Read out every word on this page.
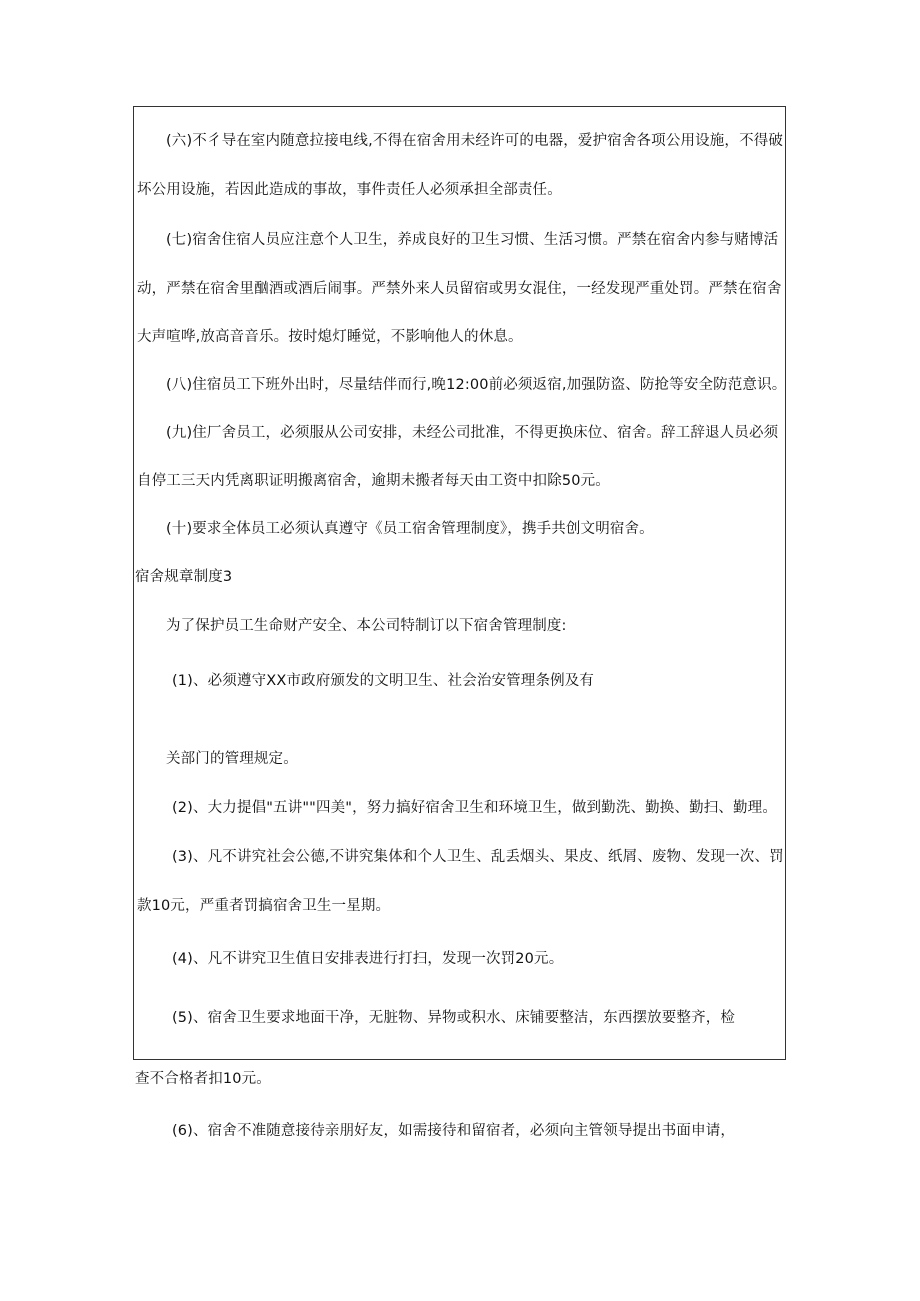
(六)不彳导在室内随意拉接电线,不得在宿舍用未经许可的电器，爱护宿舍各项公用设施，不得破
坏公用设施，若因此造成的事故，事件责任人必须承担全部责任。
(七)宿舍住宿人员应注意个人卫生，养成良好的卫生习惯、生活习惯。严禁在宿舍内参与赌博活
动，严禁在宿舍里酗酒或酒后闹事。严禁外来人员留宿或男女混住，一经发现严重处罚。严禁在宿舍
大声喧哗,放高音音乐。按时熄灯睡觉，不影响他人的休息。
(八)住宿员工下班外出时，尽量结伴而行,晚12:00前必须返宿,加强防盗、防抢等安全防范意识。
(九)住厂舍员工，必须服从公司安排，未经公司批准，不得更换床位、宿舍。辞工辞退人员必须
自停工三天内凭离职证明搬离宿舍，逾期未搬者每天由工资中扣除50元。
(十)要求全体员工必须认真遵守《员工宿舍管理制度》，携手共创文明宿舍。
宿舍规章制度3
为了保护员工生命财产安全、本公司特制订以下宿舍管理制度:
(1)、必须遵守XX市政府颁发的文明卫生、社会治安管理条例及有
关部门的管理规定。
(2)、大力提倡"五讲""四美"，努力搞好宿舍卫生和环境卫生，做到勤洗、勤换、勤扫、勤理。
(3)、凡不讲究社会公德,不讲究集体和个人卫生、乱丢烟头、果皮、纸屑、废物、发现一次、罚
款10元，严重者罚搞宿舍卫生一星期。
(4)、凡不讲究卫生值日安排表进行打扫，发现一次罚20元。
(5)、宿舍卫生要求地面干净，无脏物、异物或积水、床铺要整洁，东西摆放要整齐，检
查不合格者扣10元。
(6)、宿舍不准随意接待亲朋好友，如需接待和留宿者，必须向主管领导提出书面申请，
